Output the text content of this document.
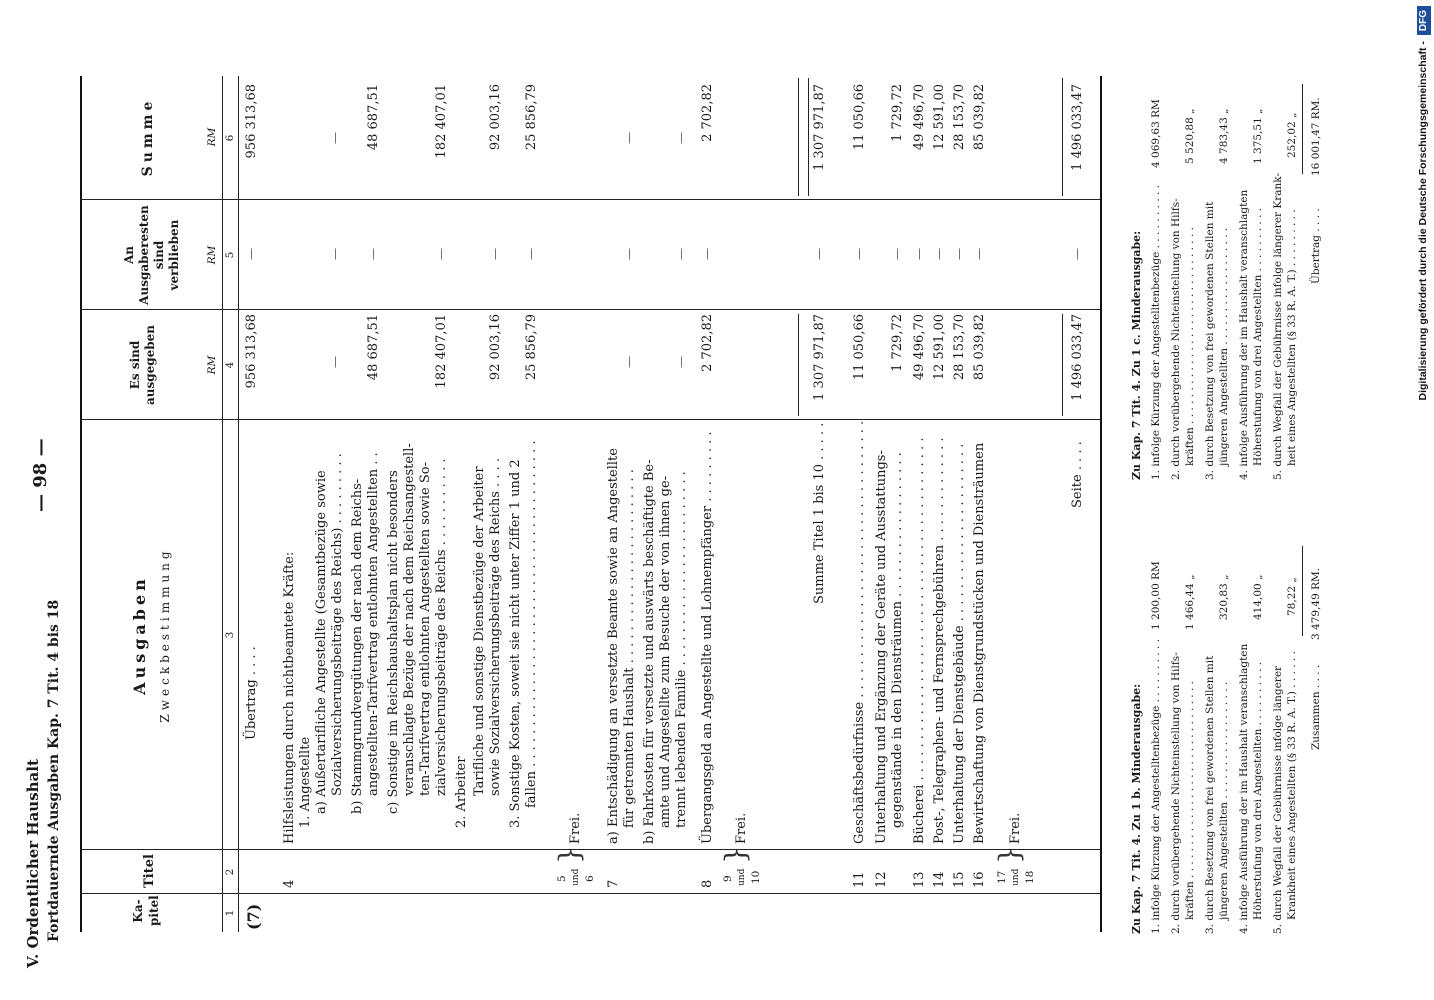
V. Ordentlicher Haushalt Fortdauernde Ausgaben Kap. 7 Tit. 4 bis 18
— 98 —
Ka-pitel
Titel
Ausgaben Zweckbestimmung
Es sind ausgegeben
An Ausgaberesten sind verblieben
Summe
RM
RM
RM
1
2
3
4
5
6
(7)
Übertrag . . . .
956 313,68
—
956 313,68
4
Hilfsleistungen durch nichtbeamtete Kräfte: 1. Angestellte a) Außertarifliche Angestellte (Gesamtbezüge sowie Sozialversicherungsbeiträge des Reichs) . . . . . . . . .
—
—
—
b) Stammgrundvergütungen der nach dem Reichs- angestellten-Tarifvertrag entlohnten Angestellten . .
48 687,51
—
48 687,51
c) Sonstige im Reichshaushaltsplan nicht besonders veranschlagte Bezüge der nach dem Reichsangestell- ten-Tarifvertrag entlohnten Angestellten sowie So- zialversicherungsbeiträge des Reichs . . . . . . . . . . .
182 407,01
—
182 407,01
2. Arbeiter Tarifliche und sonstige Dienstbezüge der Arbeiter sowie Sozialversicherungsbeiträge des Reichs . . . .
92 003,16
—
92 003,16
3. Sonstige Kosten, soweit sie nicht unter Ziffer 1 und 2 fallen . . . . . . . . . . . . . . . . . . . . . . . . . . . . . . . . . . . . . . . .
25 856,79
—
25 856,79
5 und 6
}
Frei.
7
a) Entschädigung an versetzte Beamte sowie an Angestellte für getrennten Haushalt . . . . . . . . . . . . . . . . . . . . . . . .
—
—
—
b) Fahrkosten für versetzte und auswärts beschäftigte Be- amte und Angestellte zum Besuche der von ihnen ge- trennt lebenden Familie . . . . . . . . . . . . . . . . . . . . . . . .
—
—
—
8
Übergangsgeld an Angestellte und Lohnempfänger . . . . . . . . .
2 702,82
—
2 702,82
9 und 10
}
Frei.
Summe Titel 1 bis 10 . . . . .
1 307 971,87
—
1 307 971,87
11
Geschäftsbedürfnisse . . . . . . . . . . . . . . . . . . . . . . . . . . . . . . . . . .
11 050,66
—
11 050,66
12
Unterhaltung und Ergänzung der Geräte und Ausstattungs- gegenstände in den Diensträumen . . . . . . . . . . . . . . . . . .
1 729,72
—
1 729,72
13
Bücherei . . . . . . . . . . . . . . . . . . . . . . . . . . . . . . . . . . . . . . . . . .
49 496,70
—
49 496,70
14
Post-, Telegraphen- und Fernsprechgebühren . . . . . . . . . . . . .
12 591,00
—
12 591,00
15
Unterhaltung der Dienstgebäude . . . . . . . . . . . . . . . . . . . . . .
28 153,70
—
28 153,70
16
Bewirtschaftung von Dienstgrundstücken und Diensträumen
85 039,82
—
85 039,82
17 und 18
}
Frei.
Seite . . . .
1 496 033,47
—
1 496 033,47
Zu Kap. 7 Tit. 4. Zu 1 b. Minderausgabe: 1. infolge Kürzung der Angestelltenbezüge . . . . . . . . . .
1 200,00 RM
2. durch vorübergehende Nichteinstellung von Hilfs- kräften . . . . . . . . . . . . . . . . . . . . . . . . . . . . . .
1 466,44 „
3. durch Besetzung von frei gewordenen Stellen mit jüngeren Angestellten . . . . . . . . . . . . . . . . . .
320,83 „
4. infolge Ausführung der im Haushalt veranschlagten Höherstufung von drei Angestellten . . . . . . . . . .
414,00 „
5. durch Wegfall der Gebührnisse infolge längerer Krankheit eines Angestellten (§ 33 R. A. T.) . . . . . .
78,22 „
Zusammen . . . .
3 479,49 RM.
Zu Kap. 7 Tit. 4. Zu 1 c. Minderausgabe: 1. infolge Kürzung der Angestelltenbezüge . . . . . . . . . .
4 069,63 RM
2. durch vorübergehende Nichteinstellung von Hilfs- kräften . . . . . . . . . . . . . . . . . . . . . . . . . . . . . .
5 520,88 „
3. durch Besetzung von frei gewordenen Stellen mit jüngeren Angestellten . . . . . . . . . . . . . . . . . .
4 783,43 „
4. infolge Ausführung der im Haushalt veranschlagten Höherstufung von drei Angestellten . . . . . . . . . .
1 375,51 „
5. durch Wegfall der Gebührnisse infolge längerer Krank- heit eines Angestellten (§ 33 R. A. T.) . . . . . . . . .
252,02 „
Übertrag . . . .
16 001,47 RM.	Digitalisierung gefördert durch die Deutsche Forschungsgemeinschaft -DFG
